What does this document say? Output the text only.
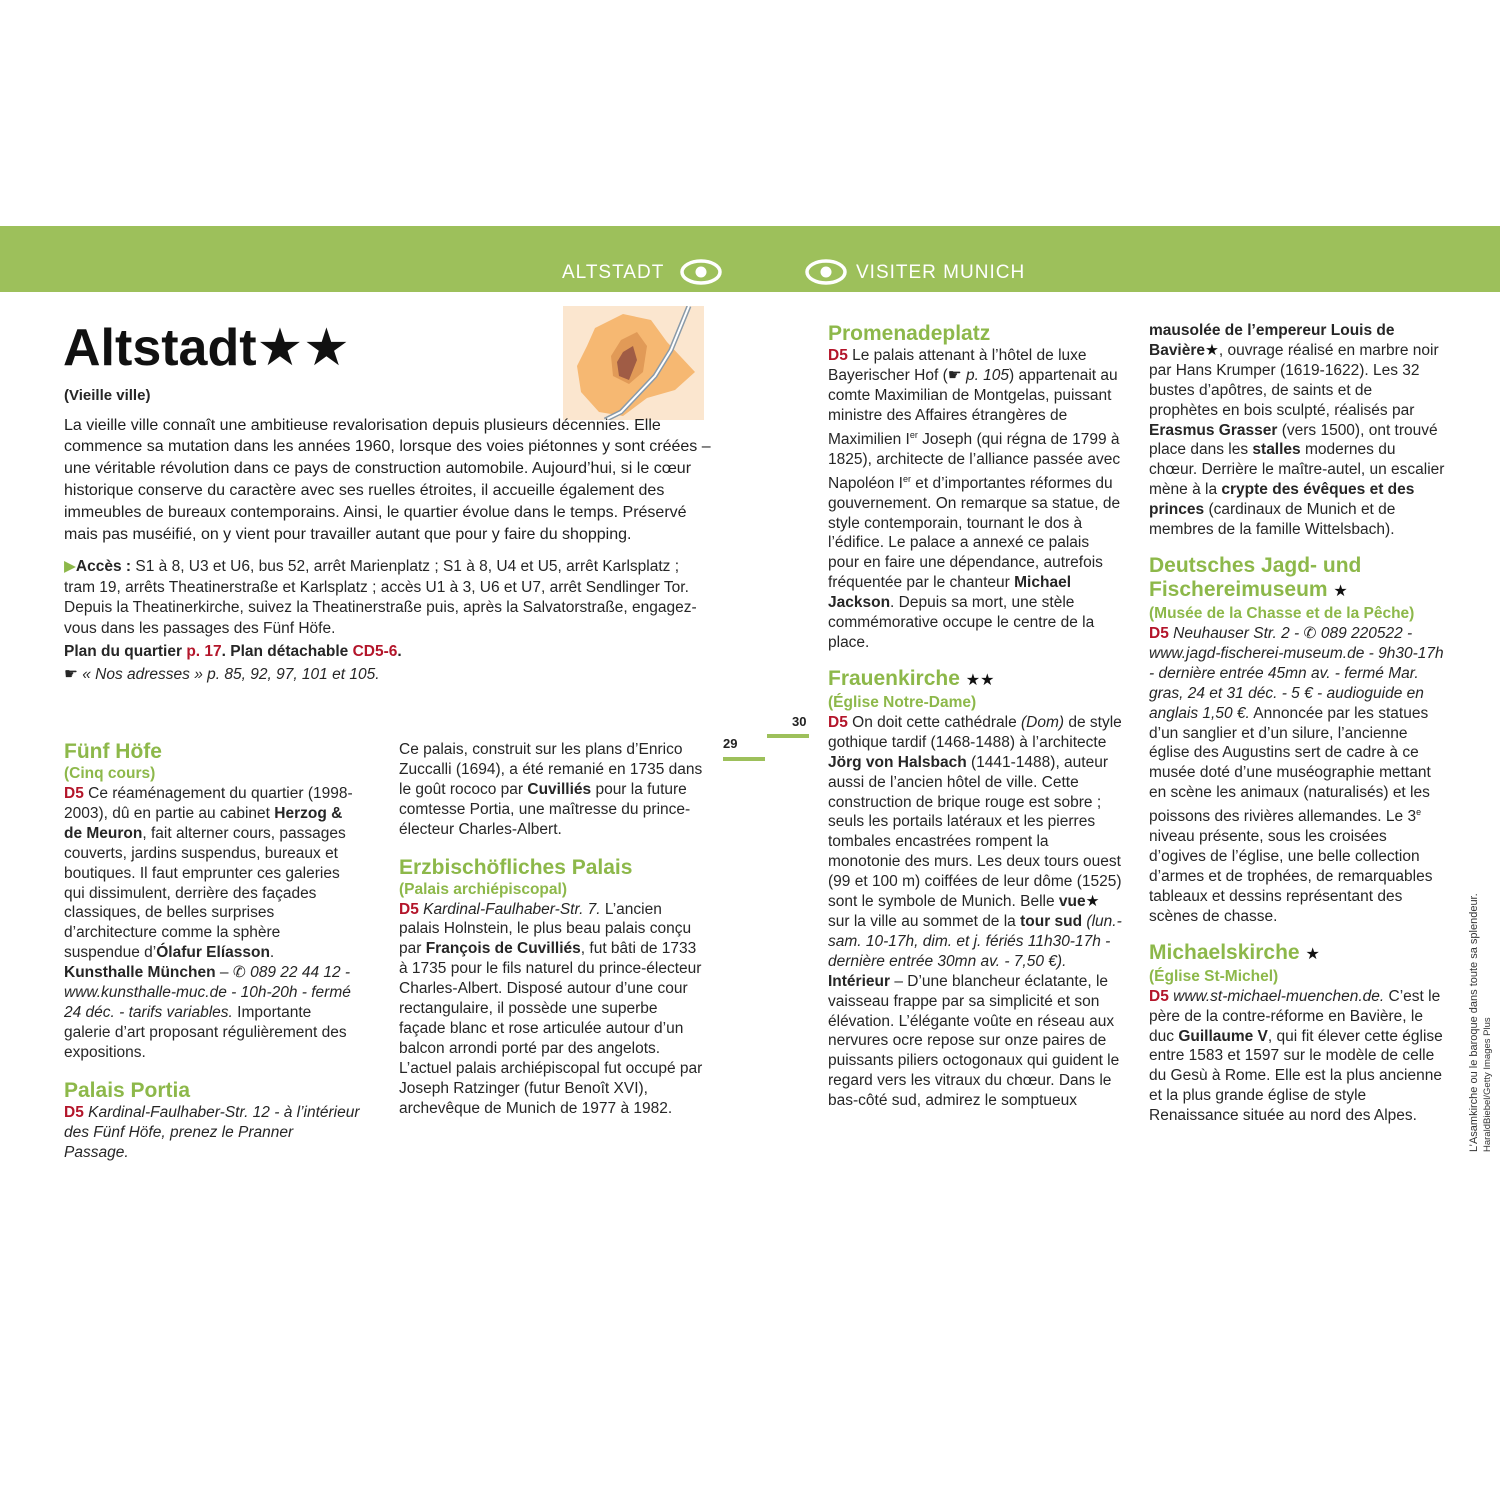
ALTSTADT	VISITER MUNICH
Altstadt★★

(Vieille ville)

La vieille ville connaît une ambitieuse revalorisation depuis plusieurs décennies. Elle commence sa mutation dans les années 1960, lorsque des voies piétonnes y sont créées – une véritable révolution dans ce pays de construction automobile. Aujourd’hui, si le cœur historique conserve du caractère avec ses ruelles étroites, il accueille également des immeubles de bureaux contemporains. Ainsi, le quartier évolue dans le temps. Préservé mais pas muséifié, on y vient pour travailler autant que pour y faire du shopping.

▶Accès : S1 à 8, U3 et U6, bus 52, arrêt Marienplatz ; S1 à 8, U4 et U5, arrêt Karlsplatz ; tram 19, arrêts Theatinerstraße et Karlsplatz ; accès U1 à 3, U6 et U7, arrêt Sendlinger Tor. Depuis la Theatinerkirche, suivez la Theatinerstraße puis, après la Salvatorstraße, engagez-vous dans les passages des Fünf Höfe.

Plan du quartier p. 17. Plan détachable CD5-6.

☛ « Nos adresses » p. 85, 92, 97, 101 et 105.

29
30

Fünf Höfe

(Cinq cours)

D5 Ce réaménagement du quartier (1998-2003), dû en partie au cabinet Herzog & de Meuron, fait alterner cours, passages couverts, jardins suspendus, bureaux et boutiques. Il faut emprunter ces galeries qui dissimulent, derrière des façades classiques, de belles surprises d’architecture comme la sphère suspendue d’Ólafur Elíasson.
Kunsthalle München – ✆ 089 22 44 12 - www.kunsthalle-muc.de - 10h-20h - fermé 24 déc. - tarifs variables. Importante galerie d’art proposant régulièrement des expositions.

Palais Portia

D5 Kardinal-Faulhaber-Str. 12 - à l’intérieur des Fünf Höfe, prenez le Pranner Passage.

Ce palais, construit sur les plans d’Enrico Zuccalli (1694), a été remanié en 1735 dans le goût rococo par Cuvilliés pour la future comtesse Portia, une maîtresse du prince-électeur Charles-Albert.

Erzbischöfliches Palais

(Palais archiépiscopal)

D5 Kardinal-Faulhaber-Str. 7. L’ancien palais Holnstein, le plus beau palais conçu par François de Cuvilliés, fut bâti de 1733 à 1735 pour le fils naturel du prince-électeur Charles-Albert. Disposé autour d’une cour rectangulaire, il possède une superbe façade blanc et rose articulée autour d’un balcon arrondi porté par des angelots. L’actuel palais archiépiscopal fut occupé par Joseph Ratzinger (futur Benoît XVI), archevêque de Munich de 1977 à 1982.

Promenadeplatz

D5 Le palais attenant à l’hôtel de luxe Bayerischer Hof (☛ p. 105) appartenait au comte Maximilian de Montgelas, puissant ministre des Affaires étrangères de Maximilien Ier Joseph (qui régna de 1799 à 1825), architecte de l’alliance passée avec Napoléon Ier et d’importantes réformes du gouvernement. On remarque sa statue, de style contemporain, tournant le dos à l’édifice. Le palace a annexé ce palais pour en faire une dépendance, autrefois fréquentée par le chanteur Michael Jackson. Depuis sa mort, une stèle commémorative occupe le centre de la place.

Frauenkirche ★★

(Église Notre-Dame)

D5 On doit cette cathédrale (Dom) de style gothique tardif (1468-1488) à l’architecte Jörg von Halsbach (1441-1488), auteur aussi de l’ancien hôtel de ville. Cette construction de brique rouge est sobre ; seuls les portails latéraux et les pierres tombales encastrées rompent la monotonie des murs. Les deux tours ouest (99 et 100 m) coiffées de leur dôme (1525) sont le symbole de Munich. Belle vue★ sur la ville au sommet de la tour sud (lun.-sam. 10-17h, dim. et j. fériés 11h30-17h - dernière entrée 30mn av. - 7,50 €).
Intérieur – D’une blancheur éclatante, le vaisseau frappe par sa simplicité et son élévation. L’élégante voûte en réseau aux nervures ocre repose sur onze paires de puissants piliers octogonaux qui guident le regard vers les vitraux du chœur. Dans le bas-côté sud, admirez le somptueux

mausolée de l’empereur Louis de Bavière★, ouvrage réalisé en marbre noir par Hans Krumper (1619-1622). Les 32 bustes d’apôtres, de saints et de prophètes en bois sculpté, réalisés par Erasmus Grasser (vers 1500), ont trouvé place dans les stalles modernes du chœur. Derrière le maître-autel, un escalier mène à la crypte des évêques et des princes (cardinaux de Munich et de membres de la famille Wittelsbach).

Deutsches Jagd- und Fischereimuseum ★

(Musée de la Chasse et de la Pêche)

D5 Neuhauser Str. 2 - ✆ 089 220522 - www.jagd-fischerei-museum.de - 9h30-17h - dernière entrée 45mn av. - fermé Mar. gras, 24 et 31 déc. - 5 € - audioguide en anglais 1,50 €. Annoncée par les statues d’un sanglier et d’un silure, l’ancienne église des Augustins sert de cadre à ce musée doté d’une muséographie mettant en scène les animaux (naturalisés) et les poissons des rivières allemandes. Le 3e niveau présente, sous les croisées d’ogives de l’église, une belle collection d’armes et de trophées, de remarquables tableaux et dessins représentant des scènes de chasse.

Michaelskirche ★

(Église St-Michel)

D5 www.st-michael-muenchen.de. C’est le père de la contre-réforme en Bavière, le duc Guillaume V, qui fit élever cette église entre 1583 et 1597 sur le modèle de celle du Gesù à Rome. Elle est la plus ancienne et la plus grande église de style Renaissance située au nord des Alpes.	L’Asamkirche ou le baroque dans toute sa splendeur. HaraldBiebel/Getty Images Plus
